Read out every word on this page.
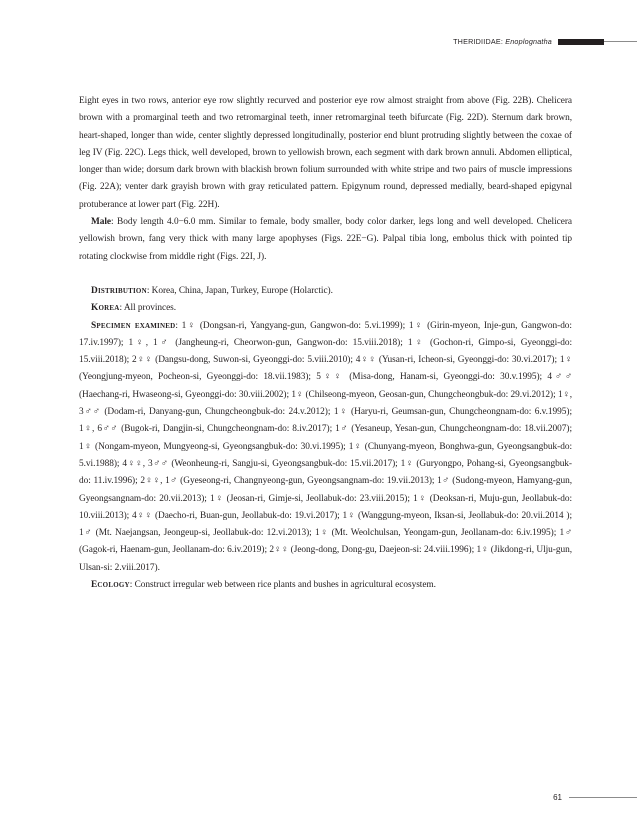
THERIDIIDAE: Enoplognatha

Eight eyes in two rows, anterior eye row slightly recurved and posterior eye row almost straight from above (Fig. 22B). Chelicera brown with a promarginal teeth and two retromarginal teeth, inner retromarginal teeth bifurcate (Fig. 22D). Sternum dark brown, heart-shaped, longer than wide, center slightly depressed longitudinally, posterior end blunt protruding slightly between the coxae of leg IV (Fig. 22C). Legs thick, well developed, brown to yellowish brown, each segment with dark brown annuli. Abdomen elliptical, longer than wide; dorsum dark brown with blackish brown folium surrounded with white stripe and two pairs of muscle impressions (Fig. 22A); venter dark grayish brown with gray reticulated pattern. Epigynum round, depressed medially, beard-shaped epigynal protuberance at lower part (Fig. 22H).

Male: Body length 4.0−6.0 mm. Similar to female, body smaller, body color darker, legs long and well developed. Chelicera yellowish brown, fang very thick with many large apophyses (Figs. 22E−G). Palpal tibia long, embolus thick with pointed tip rotating clockwise from middle right (Figs. 22I, J).

Distribution: Korea, China, Japan, Turkey, Europe (Holarctic).

Korea: All provinces.

Specimen examined: 1♀ (Dongsan-ri, Yangyang-gun, Gangwon-do: 5.vi.1999); 1♀ (Girin-myeon, Inje-gun, Gangwon-do: 17.iv.1997); 1♀, 1♂ (Jangheung-ri, Cheorwon-gun, Gangwon-do: 15.viii.2018); 1♀ (Gochon-ri, Gimpo-si, Gyeonggi-do: 15.viii.2018); 2♀♀ (Dangsu-dong, Suwon-si, Gyeonggi-do: 5.viii.2010); 4♀♀ (Yusan-ri, Icheon-si, Gyeonggi-do: 30.vi.2017); 1♀ (Yeongjung-myeon, Pocheon-si, Gyeonggi-do: 18.vii.1983); 5♀♀ (Misa-dong, Hanam-si, Gyeonggi-do: 30.v.1995); 4♂♂ (Haechang-ri, Hwaseong-si, Gyeonggi-do: 30.viii.2002); 1♀ (Chilseong-myeon, Geosan-gun, Chungcheongbuk-do: 29.vi.2012); 1♀, 3♂♂ (Dodam-ri, Danyang-gun, Chungcheongbuk-do: 24.v.2012); 1♀ (Haryu-ri, Geumsan-gun, Chungcheongnam-do: 6.v.1995); 1♀, 6♂♂ (Bugok-ri, Dangjin-si, Chungcheongnam-do: 8.iv.2017); 1♂ (Yesaneup, Yesan-gun, Chungcheongnam-do: 18.vii.2007); 1♀ (Nongam-myeon, Mungyeong-si, Gyeongsangbuk-do: 30.vi.1995); 1♀ (Chunyang-myeon, Bonghwa-gun, Gyeongsangbuk-do: 5.vi.1988); 4♀♀, 3♂♂ (Weonheung-ri, Sangju-si, Gyeongsangbuk-do: 15.vii.2017); 1♀ (Guryongpo, Pohang-si, Gyeongsangbuk-do: 11.iv.1996); 2♀♀, 1♂ (Gyeseong-ri, Changnyeong-gun, Gyeongsangnam-do: 19.vii.2013); 1♂ (Sudong-myeon, Hamyang-gun, Gyeongsangnam-do: 20.vii.2013); 1♀ (Jeosan-ri, Gimje-si, Jeollabuk-do: 23.viii.2015); 1♀ (Deoksan-ri, Muju-gun, Jeollabuk-do: 10.viii.2013); 4♀♀ (Daecho-ri, Buan-gun, Jeollabuk-do: 19.vi.2017); 1♀ (Wanggung-myeon, Iksan-si, Jeollabuk-do: 20.vii.2014 ); 1♂ (Mt. Naejangsan, Jeongeup-si, Jeollabuk-do: 12.vi.2013); 1♀ (Mt. Weolchulsan, Yeongam-gun, Jeollanam-do: 6.iv.1995); 1♂ (Gagok-ri, Haenam-gun, Jeollanam-do: 6.iv.2019); 2♀♀ (Jeong-dong, Dong-gu, Daejeon-si: 24.viii.1996); 1♀ (Jikdong-ri, Ulju-gun, Ulsan-si: 2.viii.2017).

Ecology: Construct irregular web between rice plants and bushes in agricultural ecosystem.

61
